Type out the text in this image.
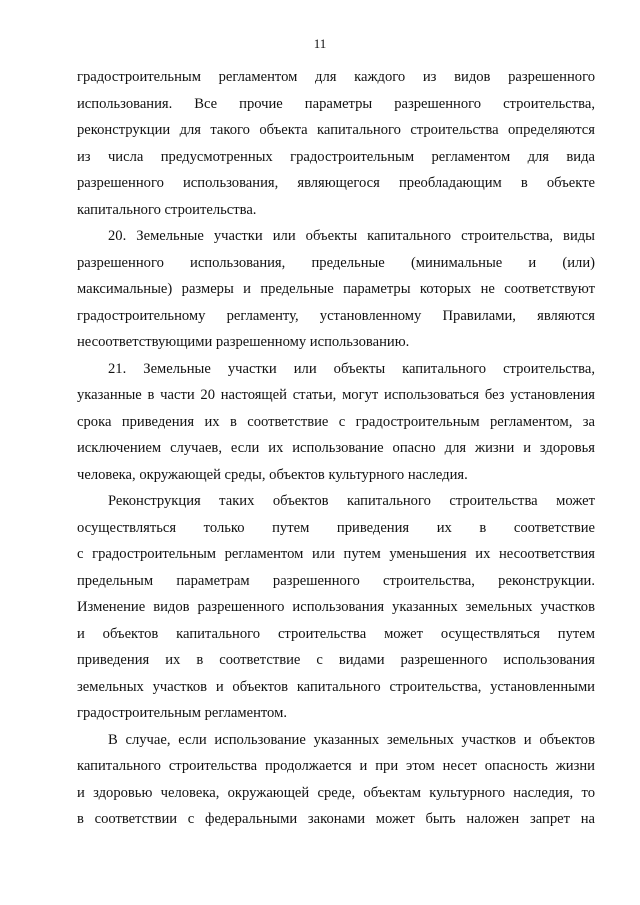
11

градостроительным регламентом для каждого из видов разрешенного
использования. Все прочие параметры разрешенного строительства,
реконструкции для такого объекта капитального строительства определяются
из числа предусмотренных градостроительным регламентом для вида
разрешенного использования, являющегося преобладающим в объекте
капитального строительства.

20. Земельные участки или объекты капитального строительства, виды
разрешенного использования, предельные (минимальные и (или)
максимальные) размеры и предельные параметры которых не соответствуют
градостроительному регламенту, установленному Правилами, являются
несоответствующими разрешенному использованию.

21. Земельные участки или объекты капитального строительства,
указанные в части 20 настоящей статьи, могут использоваться без установления
срока приведения их в соответствие с градостроительным регламентом, за
исключением случаев, если их использование опасно для жизни и здоровья
человека, окружающей среды, объектов культурного наследия.

Реконструкция таких объектов капитального строительства может
осуществляться только путем приведения их в соответствие
с градостроительным регламентом или путем уменьшения их несоответствия
предельным параметрам разрешенного строительства, реконструкции.
Изменение видов разрешенного использования указанных земельных участков
и объектов капитального строительства может осуществляться путем
приведения их в соответствие с видами разрешенного использования
земельных участков и объектов капитального строительства, установленными
градостроительным регламентом.

В случае, если использование указанных земельных участков и объектов
капитального строительства продолжается и при этом несет опасность жизни
и здоровью человека, окружающей среде, объектам культурного наследия, то
в соответствии с федеральными законами может быть наложен запрет на
